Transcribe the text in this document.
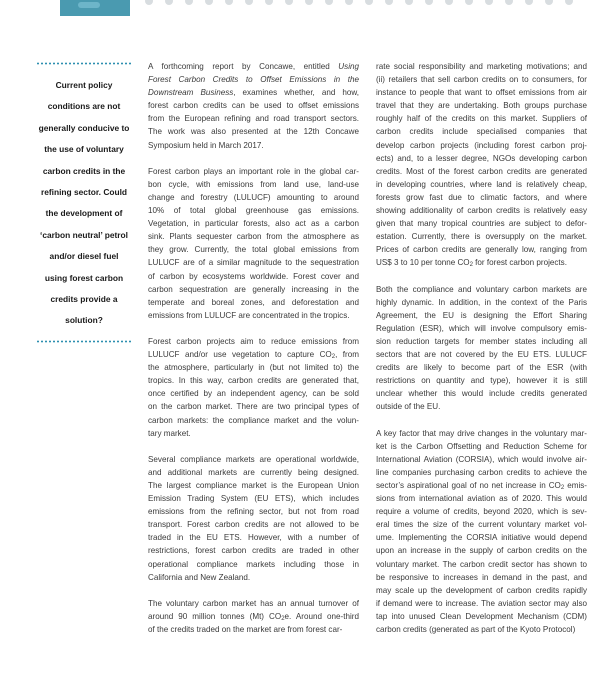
Current policy
conditions are not
generally conducive to
the use of voluntary
carbon credits in the
refining sector. Could
the development of
‘carbon neutral’ petrol
and/or diesel fuel
using forest carbon
credits provide a
solution?

A forthcoming report by Concawe, entitled Using
Forest Carbon Credits to Offset Emissions in the
Downstream Business, examines whether, and how,
forest carbon credits can be used to offset emissions
from the European refining and road transport sectors.
The work was also presented at the 12th Concawe
Symposium held in March 2017.

Forest carbon plays an important role in the global car-
bon cycle, with emissions from land use, land-use
change and forestry (LULUCF) amounting to around
10% of total global greenhouse gas emissions.
Vegetation, in particular forests, also act as a carbon
sink. Plants sequester carbon from the atmosphere as
they grow. Currently, the total global emissions from
LULUCF are of a similar magnitude to the sequestration
of carbon by ecosystems worldwide. Forest cover and
carbon sequestration are generally increasing in the
temperate and boreal zones, and deforestation and
emissions from LULUCF are concentrated in the tropics.

Forest carbon projects aim to reduce emissions from
LULUCF and/or use vegetation to capture $CO_2$, from
the atmosphere, particularly in (but not limited to) the
tropics. In this way, carbon credits are generated that,
once certified by an independent agency, can be sold
on the carbon market. There are two principal types of
carbon markets: the compliance market and the volun-
tary market.

Several compliance markets are operational worldwide,
and additional markets are currently being designed.
The largest compliance market is the European Union
Emission Trading System (EU ETS), which includes
emissions from the refining sector, but not from road
transport. Forest carbon credits are not allowed to be
traded in the EU ETS. However, with a number of
restrictions, forest carbon credits are traded in other
operational compliance markets including those in
California and New Zealand.

The voluntary carbon market has an annual turnover of
around 90 million tonnes (Mt) $CO_2e$. Around one-third
of the credits traded on the market are from forest car-

rate social responsibility and marketing motivations; and
(ii) retailers that sell carbon credits on to consumers, for
instance to people that want to offset emissions from air
travel that they are undertaking. Both groups purchase
roughly half of the credits on this market. Suppliers of
carbon credits include specialised companies that
develop carbon projects (including forest carbon proj-
ects) and, to a lesser degree, NGOs developing carbon
credits. Most of the forest carbon credits are generated
in developing countries, where land is relatively cheap,
forests grow fast due to climatic factors, and where
showing additionality of carbon credits is relatively easy
given that many tropical countries are subject to defor-
estation. Currently, there is oversupply on the market.
Prices of carbon credits are generally low, ranging from
US$ 3 to 10 per tonne $CO_2$ for forest carbon projects.

Both the compliance and voluntary carbon markets are
highly dynamic. In addition, in the context of the Paris
Agreement, the EU is designing the Effort Sharing
Regulation (ESR), which will involve compulsory emis-
sion reduction targets for member states including all
sectors that are not covered by the EU ETS. LULUCF
credits are likely to become part of the ESR (with
restrictions on quantity and type), however it is still
unclear whether this would include credits generated
outside of the EU.

A key factor that may drive changes in the voluntary mar-
ket is the Carbon Offsetting and Reduction Scheme for
International Aviation (CORSIA), which would involve air-
line companies purchasing carbon credits to achieve the
sector’s aspirational goal of no net increase in $CO_2$ emis-
sions from international aviation as of 2020. This would
require a volume of credits, beyond 2020, which is sev-
eral times the size of the current voluntary market vol-
ume. Implementing the CORSIA initiative would depend
upon an increase in the supply of carbon credits on the
voluntary market. The carbon credit sector has shown to
be responsive to increases in demand in the past, and
may scale up the development of carbon credits rapidly
if demand were to increase. The aviation sector may also
tap into unused Clean Development Mechanism (CDM)
carbon credits (generated as part of the Kyoto Protocol)
